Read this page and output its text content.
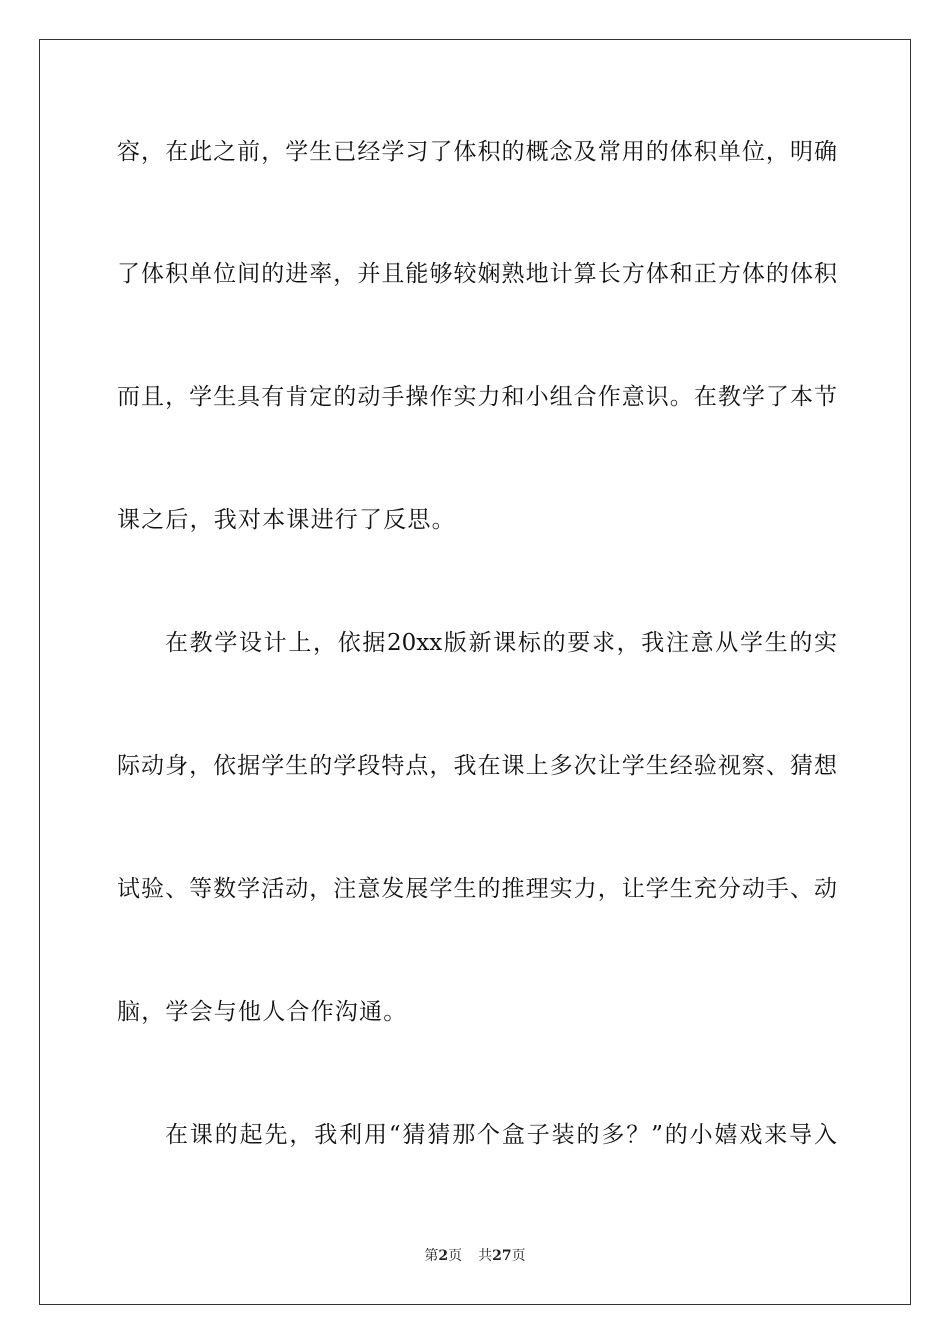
容，在此之前，学生已经学习了体积的概念及常用的体积单位，明确
了体积单位间的进率，并且能够较娴熟地计算长方体和正方体的体积
而且，学生具有肯定的动手操作实力和小组合作意识。在教学了本节
课之后，我对本课进行了反思。
在教学设计上，依据20xx版新课标的要求，我注意从学生的实
际动身，依据学生的学段特点，我在课上多次让学生经验视察、猜想
试验、等数学活动，注意发展学生的推理实力，让学生充分动手、动
脑，学会与他人合作沟通。
在课的起先，我利用“猜猜那个盒子装的多？”的小嬉戏来导入
第2页 共27页
